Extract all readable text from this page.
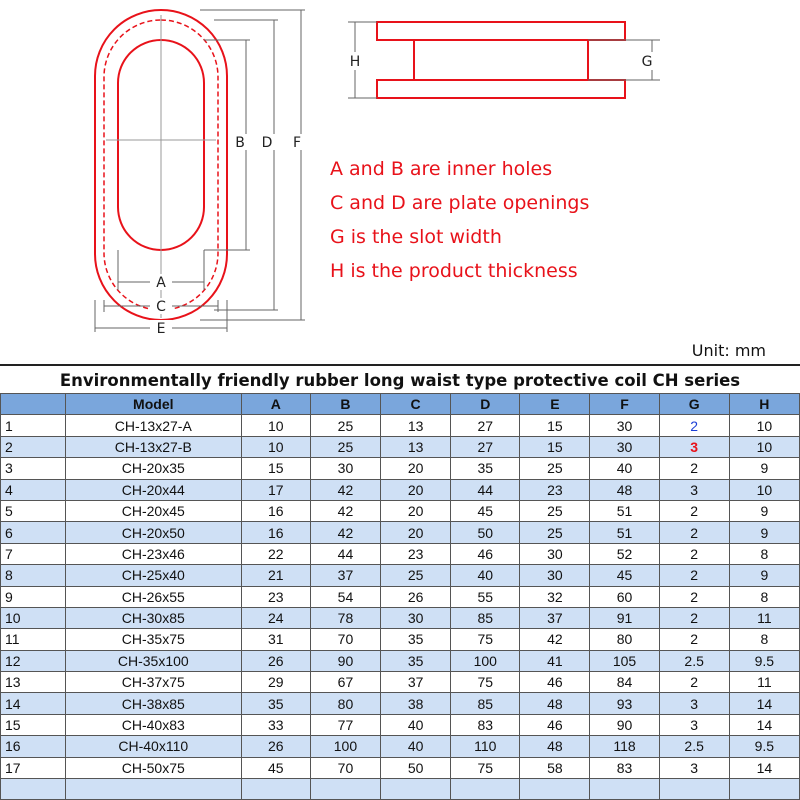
B D F
A
C
E
H	G
A and B are inner holes
C and D are plate openings
G is the slot width
H is the product thickness
Unit: mm
Environmentally friendly rubber long waist type protective coil CH series
	Model	A	B	C	D	E	F	G	H
1	CH-13x27-A	10	25	13	27	15	30	2	10
2	CH-13x27-B	10	25	13	27	15	30	3	10
3	CH-20x35	15	30	20	35	25	40	2	9
4	CH-20x44	17	42	20	44	23	48	3	10
5	CH-20x45	16	42	20	45	25	51	2	9
6	CH-20x50	16	42	20	50	25	51	2	9
7	CH-23x46	22	44	23	46	30	52	2	8
8	CH-25x40	21	37	25	40	30	45	2	9
9	CH-26x55	23	54	26	55	32	60	2	8
10	CH-30x85	24	78	30	85	37	91	2	11
11	CH-35x75	31	70	35	75	42	80	2	8
12	CH-35x100	26	90	35	100	41	105	2.5	9.5
13	CH-37x75	29	67	37	75	46	84	2	11
14	CH-38x85	35	80	38	85	48	93	3	14
15	CH-40x83	33	77	40	83	46	90	3	14
16	CH-40x110	26	100	40	110	48	118	2.5	9.5
17	CH-50x75	45	70	50	75	58	83	3	14
